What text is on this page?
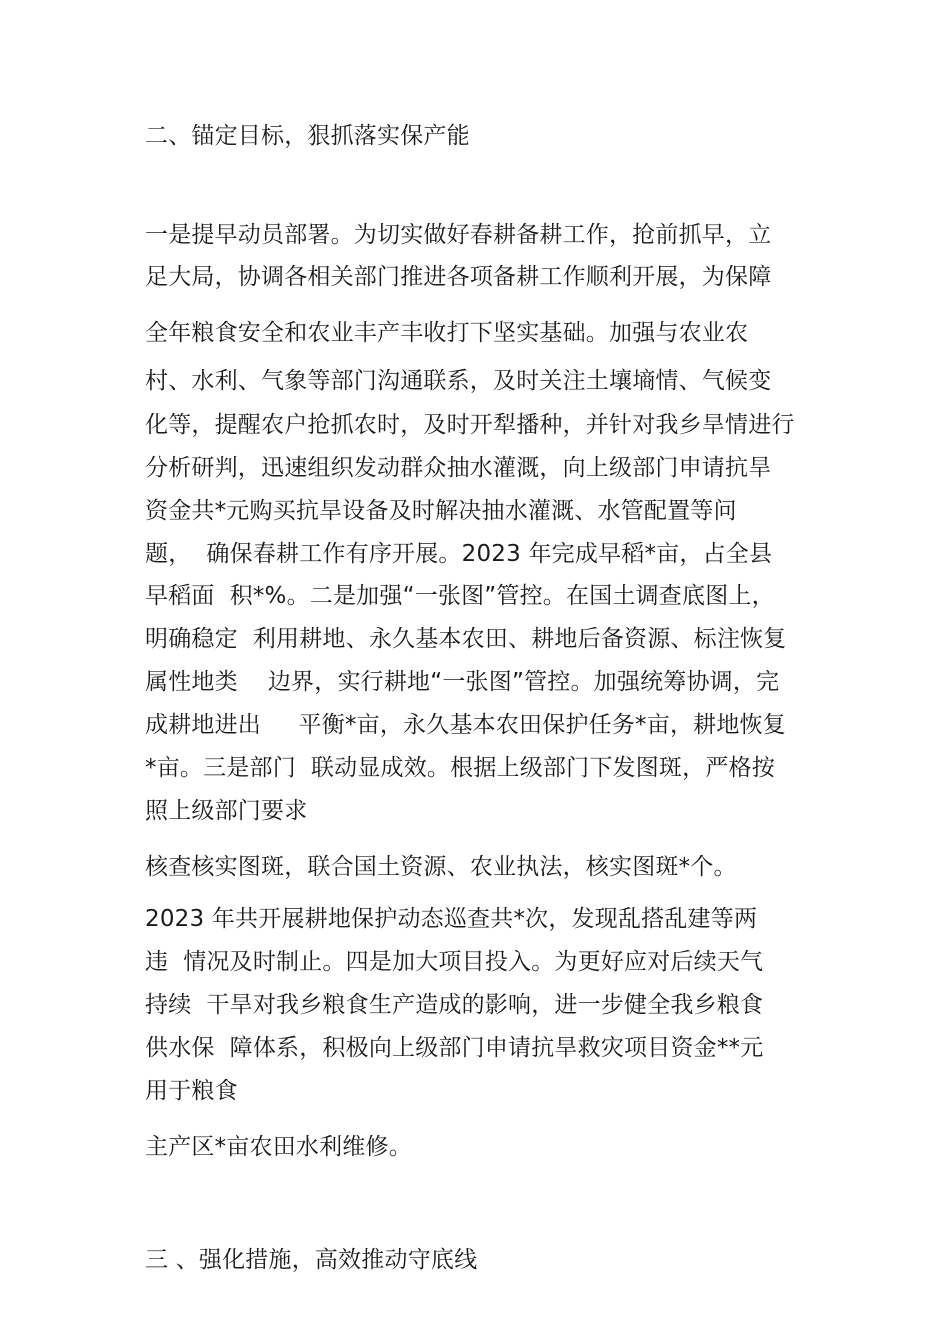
二、锚定目标，狠抓落实保产能
一是提早动员部署。为切实做好春耕备耕工作，抢前抓早，立
足大局，协调各相关部门推进各项备耕工作顺利开展，为保障
全年粮食安全和农业丰产丰收打下坚实基础。加强与农业农
村、水利、气象等部门沟通联系，及时关注土壤墒情、气候变
化等，提醒农户抢抓农时，及时开犁播种，并针对我乡旱情进行
分析研判，迅速组织发动群众抽水灌溉，向上级部门申请抗旱
资金共*元购买抗旱设备及时解决抽水灌溉、水管配置等问
题，  确保春耕工作有序开展。2023 年完成早稻*亩，占全县
早稻面  积*%。二是加强“一张图”管控。在国土调查底图上，
明确稳定  利用耕地、永久基本农田、耕地后备资源、标注恢复
属性地类    边界，实行耕地“一张图”管控。加强统筹协调，完
成耕地进出     平衡*亩，永久基本农田保护任务*亩，耕地恢复
*亩。三是部门  联动显成效。根据上级部门下发图斑，严格按
照上级部门要求
核查核实图斑，联合国土资源、农业执法，核实图斑*个。
2023 年共开展耕地保护动态巡查共*次，发现乱搭乱建等两
违  情况及时制止。四是加大项目投入。为更好应对后续天气
持续  干旱对我乡粮食生产造成的影响，进一步健全我乡粮食
供水保  障体系，积极向上级部门申请抗旱救灾项目资金**元
用于粮食
主产区*亩农田水利维修。
三 、强化措施，高效推动守底线
